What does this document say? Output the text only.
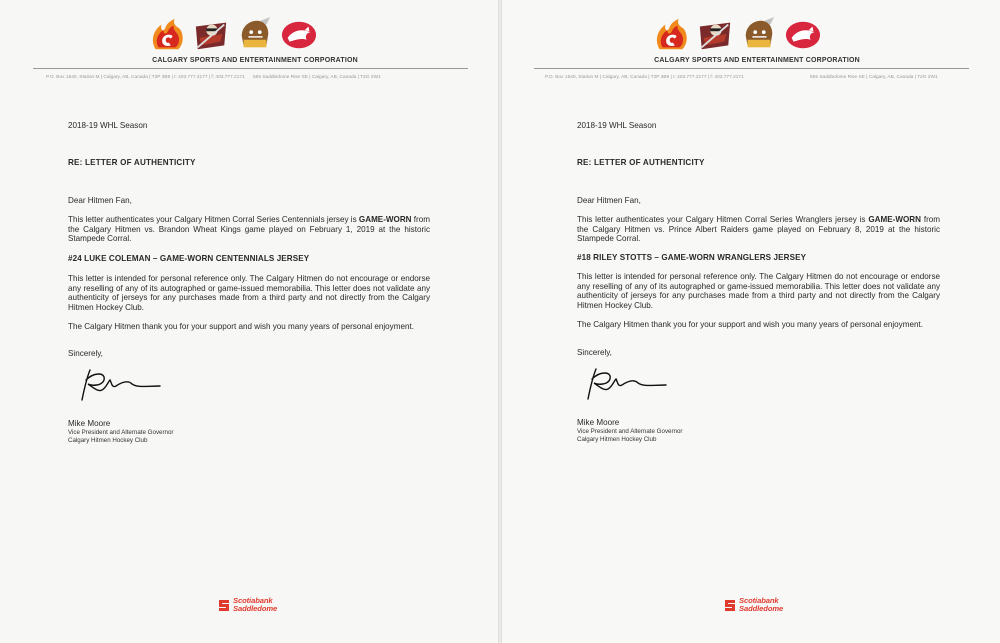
CALGARY SPORTS AND ENTERTAINMENT CORPORATION
P.O. Box 1540, Station M | Calgary, AB, Canada | T2P 3B9 | t: 403.777.2177 | f: 403.777.2171 555 Saddledome Rise SE | Calgary, AB, Canada | T2G 2W1
2018-19 WHL Season
RE: LETTER OF AUTHENTICITY
Dear Hitmen Fan,
This letter authenticates your Calgary Hitmen Corral Series Centennials jersey is GAME-WORN from the Calgary Hitmen vs. Brandon Wheat Kings game played on February 1, 2019 at the historic Stampede Corral.
#24 LUKE COLEMAN – GAME-WORN CENTENNIALS JERSEY
This letter is intended for personal reference only. The Calgary Hitmen do not encourage or endorse any reselling of any of its autographed or game-issued memorabilia. This letter does not validate any authenticity of jerseys for any purchases made from a third party and not directly from the Calgary Hitmen Hockey Club.
The Calgary Hitmen thank you for your support and wish you many years of personal enjoyment.
Sincerely,
Mike Moore
Vice President and Alternate Governor
Calgary Hitmen Hockey Club
Scotiabank
Saddledome
CALGARY SPORTS AND ENTERTAINMENT CORPORATION
P.O. Box 1540, Station M | Calgary, AB, Canada | T2P 3B9 | t: 403.777.2177 | f: 403.777.2171	555 Saddledome Rise SE | Calgary, AB, Canada | T2G 2W1
2018-19 WHL Season
RE: LETTER OF AUTHENTICITY
Dear Hitmen Fan,
This letter authenticates your Calgary Hitmen Corral Series Wranglers jersey is GAME-WORN from the Calgary Hitmen vs. Prince Albert Raiders game played on February 8, 2019 at the historic Stampede Corral.
#18 RILEY STOTTS – GAME-WORN WRANGLERS JERSEY
This letter is intended for personal reference only. The Calgary Hitmen do not encourage or endorse any reselling of any of its autographed or game-issued memorabilia. This letter does not validate any authenticity of jerseys for any purchases made from a third party and not directly from the Calgary Hitmen Hockey Club.
The Calgary Hitmen thank you for your support and wish you many years of personal enjoyment.
Sincerely,
Mike Moore
Vice President and Alternate Governor
Calgary Hitmen Hockey Club
Scotiabank
Saddledome
